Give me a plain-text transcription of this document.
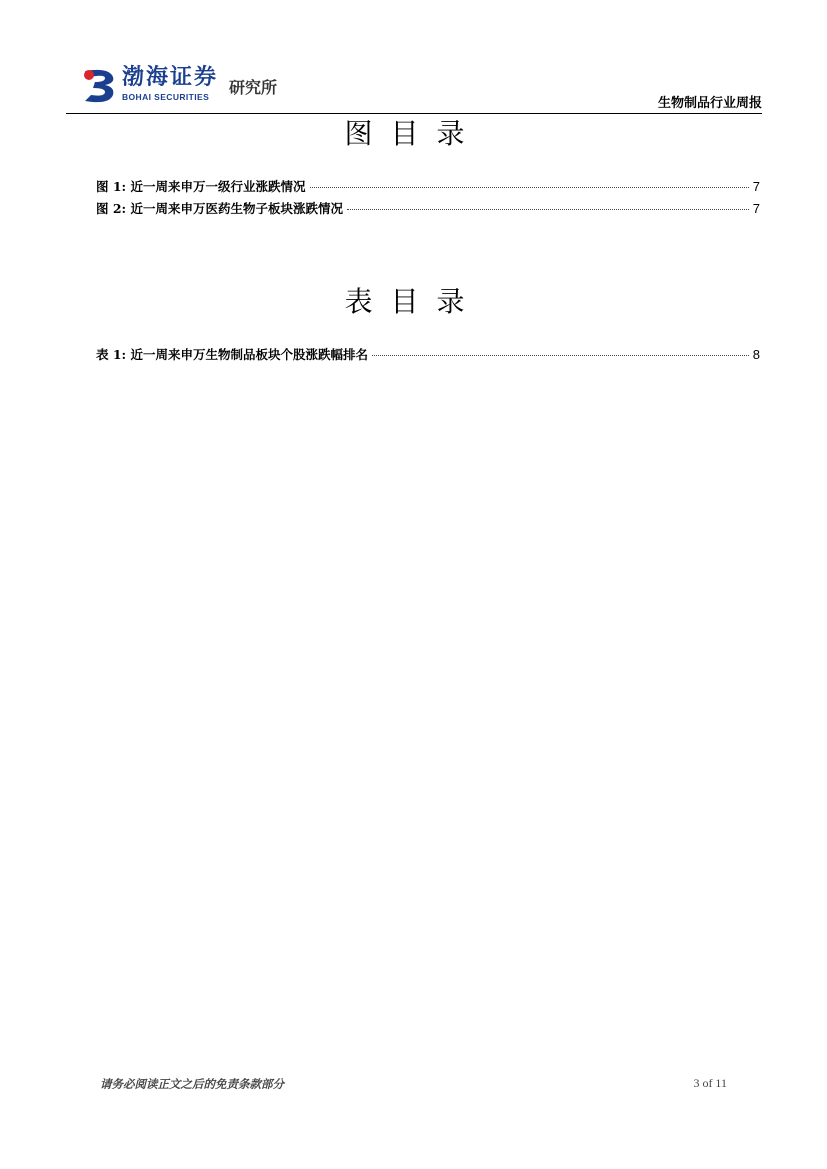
渤海证券
BOHAI SECURITIES 研究所
生物制品行业周报
图目录
图 1: 近一周来申万一级行业涨跌情况	7
图 2: 近一周来申万医药生物子板块涨跌情况	7
表目录
表 1: 近一周来申万生物制品板块个股涨跌幅排名	8
请务必阅读正文之后的免责条款部分	3 of 11
